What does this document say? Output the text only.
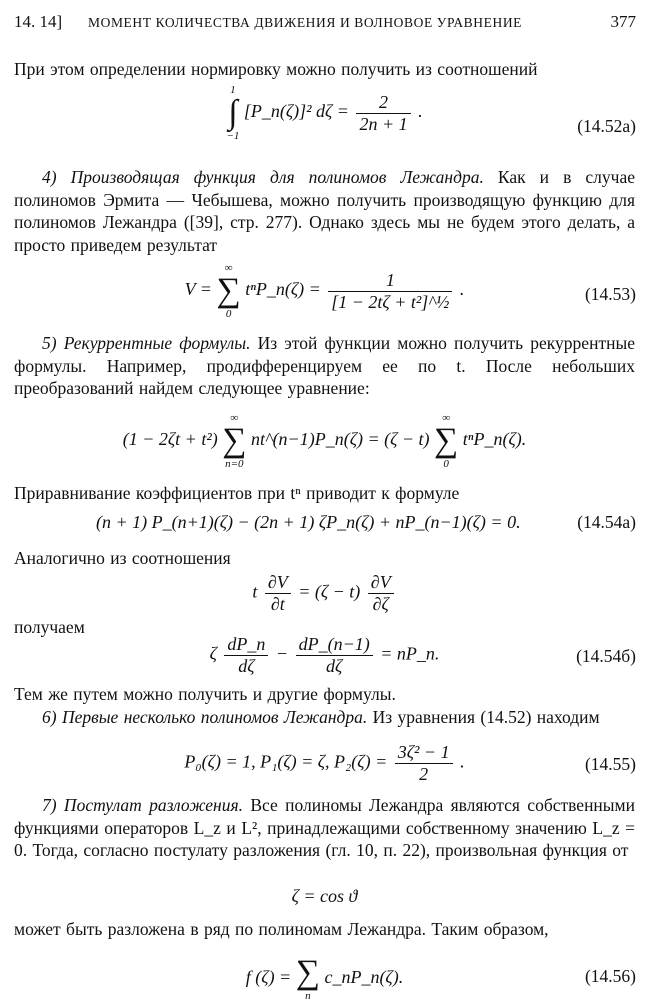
14. 14]	МОМЕНТ КОЛИЧЕСТВА ДВИЖЕНИЯ И ВОЛНОВОЕ УРАВНЕНИЕ	377
При этом определении нормировку можно получить из соотношений
1
∫
−1
[P_n(ζ)]² $d\zeta = \frac{2}{2n + 1}$ .
(14.52a)
4) Производящая функция для полиномов Лежандра. Как и в случае полиномов Эрмита — Чебышева, можно получить производящую функцию для полиномов Лежандра ([39], стр. 277). Однако здесь мы не будем этого делать, а просто приведем результат
V =
∞
∑
0
tⁿP_n(ζ) = $\frac{1}{\text{[1 − 2tζ + t²]\textasciicircum{}½}}$ .	(14.53)
5) Рекуррентные формулы. Из этой функции можно получить рекуррентные формулы. Например, продифференцируем ее по t. После небольших преобразований найдем следующее уравнение:
(1 − 2ζt + t²)
∞
∑
n=0
nt^(n−1)P_n(ζ) = (ζ − t)
∞
∑
0
tⁿP_n(ζ).
Приравнивание коэффициентов при tⁿ приводит к формуле
(n + 1) P_(n+1)(ζ) − (2n + 1) ζP_n(ζ) + nP_(n−1)(ζ) = 0.	(14.54a)
Аналогично из соотношения
t $\frac{\partial V}{\partial t} = (\zeta - t) \frac{\partial V}{\partial\zeta}$
получаем
ζ $\frac{dP\_n}{d\zeta} - \frac{dP\_(n-1)}{d\zeta}$ = nP_n.	(14.54б)
Тем же путем можно получить и другие формулы.
6) Первые несколько полиномов Лежандра. Из уравнения (14.52) находим
P₀(ζ) = 1, P₁(ζ) = ζ, $P_2(\zeta) = \frac{\text{3ζ² − 1}}{2}$ .	(14.55)
7) Постулат разложения. Все полиномы Лежандра являются собственными функциями операторов L_z и L², принадлежащими собственному значению L_z = 0. Тогда, согласно постулату разложения (гл. 10, п. 22), произвольная функция от
ζ = cos ϑ
может быть разложена в ряд по полиномам Лежандра. Таким образом,
f (ζ) = ∑
n
c_nP_n(ζ).	(14.56)
